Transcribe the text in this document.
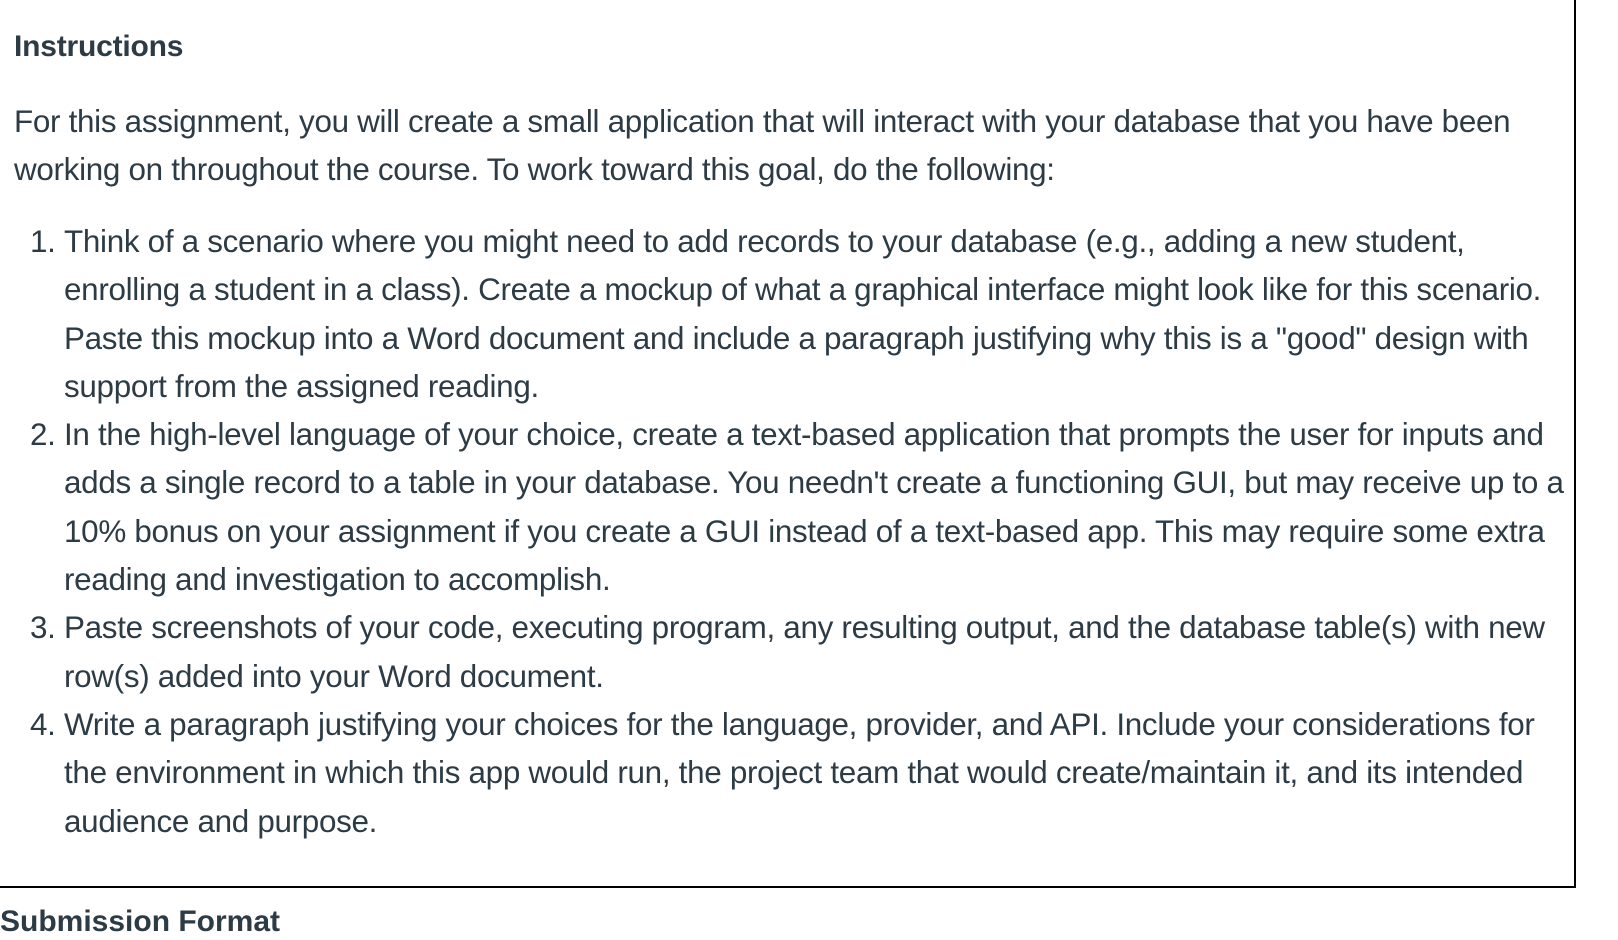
Instructions

For this assignment, you will create a small application that will interact with your database that you have been working on throughout the course. To work toward this goal, do the following:

1. Think of a scenario where you might need to add records to your database (e.g., adding a new student, enrolling a student in a class). Create a mockup of what a graphical interface might look like for this scenario. Paste this mockup into a Word document and include a paragraph justifying why this is a "good" design with support from the assigned reading.
2. In the high-level language of your choice, create a text-based application that prompts the user for inputs and adds a single record to a table in your database. You needn't create a functioning GUI, but may receive up to a 10% bonus on your assignment if you create a GUI instead of a text-based app. This may require some extra reading and investigation to accomplish.
3. Paste screenshots of your code, executing program, any resulting output, and the database table(s) with new row(s) added into your Word document.
4. Write a paragraph justifying your choices for the language, provider, and API. Include your considerations for the environment in which this app would run, the project team that would create/maintain it, and its intended audience and purpose.
Submission Format
